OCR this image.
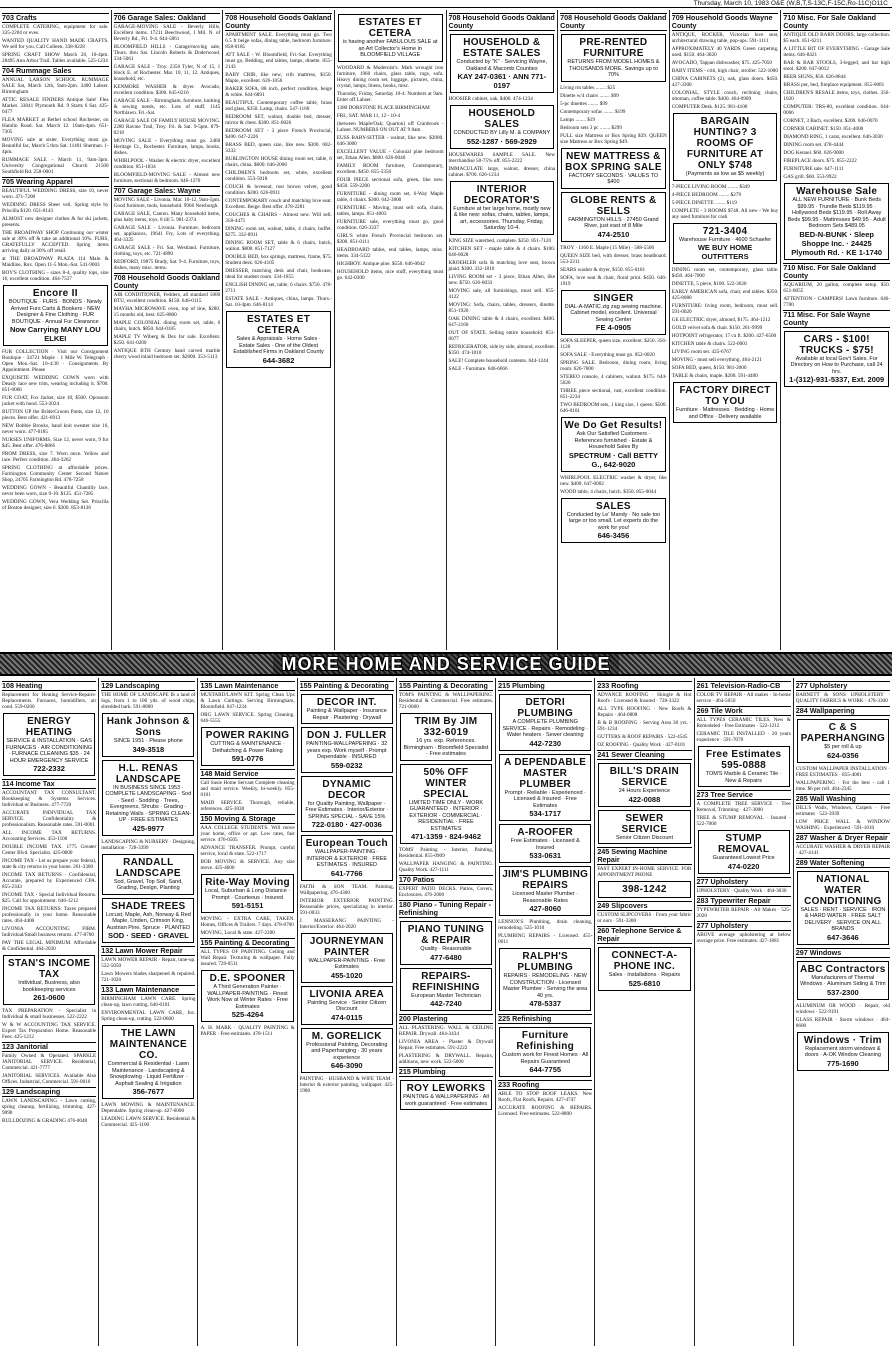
Thursday, March 10, 1983 O&E (W,B,T,S-13C,F-15C,Ro-11C)O11C
703 Crafts
COMPLETE CATERING, equipment for sale. 335-2204 or eves.
WANTED QUALITY HAND MADE CRAFTS. We sell for you. Call Colleen. 338-8228
SPRING CRAFT SHOW March 26, 10-4pm. 28495 Ann Arbor Trail. Tables available. 525-1234
704 Rummage Sales
ANNUAL LARSON SCHOOL RUMMAGE SALE Sat, March 12th, 9am-2pm. 3400 Lahser. Birmingham
ATTIC RESALE FINDERS Antique Sale! Flea Market. 33841 Plymouth Rd. 9 Starts 6 Sat. 425-0477
FLEA MARKET at Bethel school Rochester, on Hamlin Road. Sat. March 12. 10am-4pm. 651-7305
MOVING sale at sister. Everything must go. Beautiful fac, March 5 thru Sat. 11401 Sherman. 1-4pm.
RUMMAGE SALE - March 11, 9am-3pm. University Congregational Church 21500 Southfield Rd. 258-0001
705 Wearing Apparel
BEAUTIFUL WEDDING DRESS, size 10, never worn. 471-7208
WEDDING DRESS Sheer veil. Spring style by Priscilla $120. 651-0143
ALMOST new designer clothes & fur ski jackets, presents.
THE BROADWAY SHOP Continuing our winter sale at 30% off & take an additional 10%. FURS, GRATEFULLY ACCEPTED. Spring items arriving daily at 30% off retail.
at THE BROADWAY PLAZA 114 Main & Maidline, Rox. Open 11-5 Mon.-Sat. 541-9003
BOY'S CLOTHING - sizes 8-4, quality tops, size 16, excellent condition. 464-7537
Encore II
BOUTIQUE · FURS · BONDS · Newly Arrived Furs Carts & Bookers · NEW Designer & Fine Clothing · FUR BOUTIQUE · Annual Fur Clearance
Now Carrying MANY LOU ELKEI
FUR COLLECTION · Visit our Consignment Boutique · 34721 Maple · 1 Mile W. Telegraph · Open Mon.-Sat. 10-4:30 · Consignments By Appointment. Please
EXQUISITE WEDDING GOWN worn with Deasly lace new trim, wearing including it. $700. 851-0066
FUR COAT, Fox Jacket, size 10, $500. Opossum jacket with hood. 553-2024
BUTTON UP the Bride/Groom Pants, size 12, 10 pieces. Best offer. 421-6913
NEW Bobbie Brooks, hand knit sweater size 16, never worn. 477-0185
NURSES UNIFORMS, Size 12, never worn, 9 for $45. Best offer. 476-8866
PROM DRESS, size 7. Worn once. Yellow and lace. Perfect condition. 464-3262
SPRING CLOTHING at affordable prices. Farmington Community Center Second Nature Shop, 24705 Farmington Rd. 478-7258
WEDDING GOWN - Beautiful Chantilly lace, never been worn, size 9-10. $125. 451-7285
WEDDING GOWN, Vera Wedding Set. Priscilla of Boston designer, size 6. $300. 853-8136
706 Garage Sales: Oakland
GARAGE-MOVING SALE - Beverly Hills, Excellent items. 17211 Beechwood, 1 Mil. N. of Beverly Rd., Fri. 9-4. 644-5861
BLOOMFIELD HILLS - Garage/moving sale, Thurs. thru Sat. Lincoln Roberts & Doderwood. 334-5061
GARAGE SALE - Troy. 2356 Tyler, N of 15, 1 block E. of Rochester. Mar. 10, 11, 12. Antiques, household, etc.
KENMORE WASHER & dryer. Avocado, excellent condition. $300. 645-0216
GARAGE SALE - Birmingham, furniture, knitting & sewing needs, etc. Lots of stuff. 1145 Northlawn. Fri.-Sat.
GARAGE SALE OF FAMILY HOUSE MOVING. 2280 Ravine Trail, Troy. Fri. & Sat. 9-5pm. 879-0218
MOVING SALE - Everything must go. 2460 Heritage Ct., Rochester. Furniture, lamps, books, dishes.
WHIRLPOOL - Washer & electric dryer, excellent condition. 851-1834
BLOOMFIELD-MOVING SALE - Almost new furniture, sectional & bedroom. 646-1270
707 Garage Sales: Wayne
MOVING SALE - Livonia. Mar. 10-12, 9am-5pm. Good furniture, tools, household. 9966 Newburgh.
GARAGE SALE, Canton. Many household items, plus baby items, toys. 8 till 5. 981-2374
GARAGE SALE - Livonia. Furniture, bedroom set, appliances, 19641 Fry, Lots of everything. 464-3325
GARAGE SALE - Fri. Sat. Westland. Furniture, clothing, toys, etc. 721-4890
REDFORD, 19875 Brady, Sat. 9-4. Furniture, toys, dishes, many misc. items.
708 Household Goods Oakland County
AIR CONDITIONER, Fedders, all standard 5000 BTU, excellent condition. $150. 646-0115
MAYHA MICROWAVE oven, top of line, $280. 15 months old, best. 625-8800
MAPLE COLONIAL dining room set, table, 6 chairs, hutch. $850. 644-0185
MAPLE TV Wiberg & Dex for sale. Excellent. $250. 641-0200
ANTIQUE BTH Century hand carved marble cherry wood inlaid bedroom set. $2800. 353-5113
708 Household Goods Oakland County
APARTMENT SALE. Everything must go. Two 6.5 ft beige sofas, dining table, bedroom furniture. 858-0185
ATT SALE - W. Bloomfield, Fri.-Sat. Everything must go, Bedding, end tables, lamps, dinette. 855-2143
BABY CRIB, like new, crib mattress, $150. Maple, excellent. 626-1050
BAKER SOFA, 88 inch, perfect condition, beige & white. 644-6891
BEAUTIFUL Contemporary coffee table, brass and glass, $350. Lamp, chairs. 547-1160
BEDROOM SET, walnut, double bed, dresser, mirror & chest. $300. 851-0026
BEDROOM SET - 3 piece French Provincial, $400. 647-2226
BRASS BED, queen size, like new. $300. 682-3333
BURLINGTON HOUSE dining room set, table, 6 chairs, china. $600. 646-2006
CHILDREN'S bedroom set, white, excellent condition. 553-5018
COUCH & loveseat, rust brown velvet, good condition. $200. 626-0911
CONTEMPORARY couch and matching love seat. Excellent. Beige. Best offer. 478-2281
COUCHES & CHAIRS - Almost new. Will sell. 358-4475
DINING room set, walnut, table, 4 chairs, buffet. $275. 332-8911
DINING ROOM SET, table & 6 chairs, hutch, walnut. $800. 851-7127
DOUBLE BED, box springs, mattress, frame, $75. Student desk. 626-4105
DRESSER, matching desk and chair, bookcase, ideal for student room. 334-1855
ENGLISH DINING set, table, 6 chairs. $750. 478-2711
ESTATE SALE - Antiques, china, lamps. Thurs.-Sat. 10-4pm. 646-8114
ESTATES ET CETERA
Sales & Appraisals · Home Sales · Estate Sales · One of the Oldest Established Firms in Oakland County
644-3682
ESTATES ET CETERA
is having another FABULOUS SALE at an Art Collector's Home in BLOOMFIELD VILLAGE
WOODARD & Modernist's. Mark wrought iron furniture, 1960 chairs, glass table, rugs, sofa. Heavy dining room set, luggage, pictures, china, crystal, lamps, linens, books, misc.
Thursday, Friday, Saturday 10-4. Numbers at 9am. Enter off Lahser.
1380 DORSTONE PLACE BIRMINGHAM
FRI., SAT. MAR 11, 12 - 10-4
(between Maple/Oak; Quarton) off Cranbrook - Lahser. NUMBERS ON OUT AT 9 8am
EUSS BABY-SITTER - walnut, like new. $2000. 646-3000
EXCELLENT VALUE - Colonial pine bedroom set, Ethan Allen. $800. 626-0040
FAMILY ROOM furniture, Contemporary, excellent. $450. 855-3356
FOUR PIECE sectional sofa, green, like new. $450. 559-2200
FURNITURE - dining room set, 6-Way Maple table, 4 chairs. $300. 642-3800
FURNITURE - Moving, must sell: sofa, chairs, tables, lamps. 851-4003
FURNITURE sale, everything must go, good condition. 626-3337
GIRL'S white French Provincial bedroom set. $300. 851-0111
HEADBOARD tables, end tables, lamps, misc. items. 334-5122
HIGHBOY. Antique pine. $550. 646-0042
HOUSEHOLD items, nice stuff, everything must go. 642-0300
708 Household Goods Oakland County
HOUSEHOLD & ESTATE SALES
Conducted by "K" · Servicing Wayne, Oakland & Macomb Counties
KAY 247-0361 · ANN 771-0197
HOOSIER cabinet, oak, $400. 474-1234
HOUSEHOLD SALES
CONDUCTED BY Lilly M. & COMPANY
552-1287 · 569-2929
HOUSEWARES SAMPLE SALE. New merchandise 50-75% off. 855-2222
IMMACULATE large, walnut, dresser, china cabinet. $700. 626-1234
INTERIOR DECORATOR'S
Furniture at her large home, mostly new & like new: sofas, chairs, tables, lamps, art, accessories. Thursday, Friday, Saturday 10-4.
KING SIZE waterbed, complete. $250. 851-7120
KITCHEN SET - maple table & 4 chairs. $100. 646-0028
KROEHLER sofa & matching love seat, brown plaid. $300. 332-1810
LIVING ROOM set - 3 piece, Ethan Allen, like new. $750. 626-0033
MOVING sale, all furnishings, must sell. 855-4122
MOVING: Sofa, chairs, tables, dressers, dinette. 851-1920
OAK DINING table & 4 chairs, excellent. $400. 647-2160
OUT OF STATE. Selling entire household. 851-0077
REFRIGERATOR, side by side, almond, excellent. $350. 474-1010
SALE! Complete household contents. 644-1244
SALE - Furniture. 646-6666
708 Household Goods Oakland County
PRE-RENTED FURNITURE
RETURNS FROM MODEL HOMES & THOUSANDS MORE. Savings up to 70%
Living rm tables ........ $25
Dinette w/4 chairs ........ $99
5-pc dinettes ........ $99
Contemporary sofas ........ $199
Lamps ........ $19
Bedroom sets 3 pc ........ $299
FULL size Mattress or Box Spring $39. QUEEN size Mattress or Box Spring $49.
NEW MATTRESS & BOX SPRING SALE
FACTORY SECONDS · VALUES TO $400
GLOBE RENTS & SELLS
FARMINGTON HILLS · 27450 Grand River, just east of 8 Mile
474-2510
TROY · 1160 E. Maple (15 Mile) · 588-5500
QUEEN SIZE bed, with dresser, brass headboard. 553-2211
SEARS washer & dryer, $150. 855-0101
SOFA, love seat & chair, floral print. $450. 646-1919
SINGER
DIAL-A-MATIC zig zag sewing machine. Cabinet model, excellent. Universal Sewing Center
FE 4-0905
SOFA SLEEPER, queen size, excellent. $250. 356-1120
SOFA SALE - Everything must go. 852-0020
SPRING SALE. Bedroom, dining room, living room. 626-7000
STEREO console, 4 cabinets, walnut. $175. 644-5020
THREE piece sectional, rust, excellent condition. 851-2234
TWO BEDROOM sets, 1 king size, 1 queen. $500. 646-0101
We Do Get Results!
Ask Our Satisfied Customers · References furnished · Estate & Household Sales By
SPECTRUM · Call BETTY G., 642-9020
WHIRLPOOL ELECTRIC washer & dryer, like new. $400. 647-0002
WOOD table, 4 chairs, hutch. $350. 855-0044
SALES
Conducted by Le' Mandy · No sale too large or too small. Let experts do the work for you!
646-3456
709 Household Goods Wayne County
ANTIQUE, ROCKER, Victorian love seat, architectural drawing table, pop-ups. 591-1111
APPROXIMATELY 40 YARDS Green carpeting, used. $150. 464-3020
AVOCADO, Tappan dishwasher, $75. 425-7050
BABY ITEMS - crib, high chair, stroller. 522-1000
CHINA CABINETS (2), oak, glass doors. $450. 427-3300
COLONIAL, STYLE couch, reclining chairs, ottoman, coffee table. $400. 464-0909
COMPUTER Desk. $125. 981-4100
BARGAIN HUNTING? 3 ROOMS OF FURNITURE AT ONLY $748
(Payments as low as $5 weekly)
7-PIECE LIVING ROOM ........ $349
4-PIECE BEDROOM ........ $279
5-PIECE DINETTE ........ $119
COMPLETE - 3 ROOMS $748. All new - We buy any used furniture for cash
721-3404
Warehouse Furniture · 4600 Schaefer
WE BUY HOME OUTFITTERS
DINING room set, contemporary, glass table. $450. 464-7000
DINETTE, 5 piece, $100. 522-3020
EARLY AMERICAN sofa, chair, end tables. $350. 425-8080
FURNITURE: living room, bedroom, must sell. 591-0020
GE ELECTRIC dryer, almond, $175. 464-1212
GOLD velvet sofa & chair. $150. 261-9999
HOTPOINT refrigerator, 17 cu ft. $200. 427-6500
KITCHEN table & chairs. 522-0001
LIVING room set. 425-6767
MOVING - must sell everything. 464-2121
SOFA BED, queen, $150. 981-2000
TABLE & chairs, maple. $200. 591-4400
FACTORY DIRECT TO YOU
Furniture · Mattresses · Bedding · Home and Office · Delivery available
710 Misc. For Sale Oakland County
ANTIQUE OLD BARN DOORS, large collection. $5 each. 851-6211
A LITTLE BIT OF EVERYTHING - Garage Sale items. 646-8421
BAR & BAR STOOLS, 3-legged, and bar high stool. $200. 647-0012
BEER SIGNS, $50. 626-8844
BRASS pot, bed, fireplace equipment. 855-0001
CHILDREN'S RESALE items, toys, clothes. 356-1020
COMPUTER: TRS-80, excellent condition. 644-0066
CORNET, 3 Bach, excellent. $200. 646-0070
CORNER CABINET. $150. 851-4000
DIAMOND RING, 1 carat, excellent. 646-3030
DINING room set. 478-4444
DOG Kennel. $60. 626-9000
FIREPLACE doors. $75. 855-2222
FURNITURE sale. 647-1111
GAS grill. $60. 553-9922
Warehouse Sale
ALL NEW FURNITURE · Bunk Beds $99.95 · Trundle Beds $119.95 · Hollywood Beds $119.95 · Roll Away Beds $99.95 · Mattresses $49.95 · Adult Bedroom Sets $489.95
BED-N-BUNK · Sleep Shoppe Inc. · 24425 Plymouth Rd. · KE 1-1740
710 Misc. For Sale Oakland County
AQUARIUM, 20 gallon, complete setup. $50. 651-0055
ATTENTION - CAMPERS! Lawn furniture. 646-7700
711 Misc. For Sale Wayne County
CARS - $100! TRUCKS - $75!
Available at local Gov't Sales. For Directory on How to Purchase, call 24 hrs.
1-(312)-931-5337, Ext. 2009
MORE HOME AND SERVICE GUIDE
108 Heating
Replacement for Heating Service-Repairs-Replacements. Furnaces, humidifiers, air cond. 559-0200
ENERGY HEATING
SERVICE & INSTALLATION · GAS FURNACES · AIR CONDITIONING · FURNACE CLEANING $35 · 24 HOUR EMERGENCY SERVICE
722-2332
114 Income Tax
ACCOUNTANT TAX CONSULTANT. Bookkeeping & Systems Services. Individual or Business. 477-7720
ACCURATE INDIVIDUAL TAX SERVICE. Confidentiality & professionalism. Reasonable rates. 591-0001
ALL INCOME TAX RETURNS. Accounting Services. 453-1100
DOUBLE INCOME TAX. 1775 Greater Center Blvd. Specialist. 425-0000
INCOME TAX - Let us prepare your federal, state & city returns in your home. 261-3300
INCOME TAX RETURNS · Confidential, Accurate, prepared by Experienced CPA. 855-2343
INCOME TAX · Special Individual Returns. $25. Call for appointment. 646-1212
INCOME TAX RETURNS. Taxes prepared professionally in your home. Reasonable rates. 464-4400
LIVONIA ACCOUNTING FIRM. Individual/Small business returns. 477-8700
PAY THE LEGAL MINIMUM. Affordable & Confidential. 464-2030
STAN'S INCOME TAX
Individual, Business, also bookkeeping services
261-0600
TAX PREPARATION - Specialist in Individual & small businesses. 522-2222
W & W ACCOUNTING TAX SERVICE. Expert Tax Preparation Home. Reasonable Fees. 425-1212
123 Janitorial
Family Owned & Operated. SPARKLE JANITORIAL SERVICE. Residential, Commercial. 421-7777
JANITORIAL SERVICES. Available Also Offices. Industrial, Commercial. 591-0010
129 Landscaping
LAWN LANDSCAPING - Lawn cutting, spring cleanup, fertilizing, trimming. 427-9090
BULLDOZING & GRADING 476-0048
129 Landscaping
THE HOME OF LANDSCAPE IS a land of logs, from 1 to 100 yds. of wood chips, shredded bark. 591-8800
Hank Johnson & Sons
SINCE 1951 · Please phone
349-3518
H.L. RENAS LANDSCAPE
IN BUSINESS SINCE 1953 · COMPLETE LANDSCAPING · Sod · Seed · Sodding · Trees, Evergreens, Shrubs · Grading · Retaining Walls · SPRING CLEAN-UP · FREE ESTIMATES
425-9977
LANDSCAPING & NURSERY · Designing, installation · 728-3399
RANDALL LANDSCAPE
Sod, Gravel, Top Soil, Sand, Grading, Design, Planting
SHADE TREES
Locust, Maple, Ash, Norway & Red Maple, Linden, Crimson King, Austrian Pine, Spruce · PLANTED
SOD · SEED · GRAVEL
132 Lawn Mower Repair
LAWN MOWER REPAIR · Repair, tune-up. 522-5050
Lawn Mowers blades sharpened & repaired. 721-1020
133 Lawn Maintenance
BIRMINGHAM LAWN CARE. Spring clean-up, lawn cutting. 646-0101
ENVIRONMENTAL LAWN CARE, Inc. Spring clean-up, cutting. 522-0600
THE LAWN MAINTENANCE CO.
Commercial & Residential · Lawn Maintenance · Landscaping & Snowplowing · Liquid Fertilizer · Asphalt Sealing & Irrigation
356-7677
LAWN MOWING & MAINTENANCE. Dependable. Spring clean-up. 427-6000
LEADING LAWN SERVICE. Residential & Commercial. 425-1100
135 Lawn Maintenance
MUSTARD/LAWN KIT. Spring Clean Ups & Lawn Cuttings. Serving Birmingham, Bloomfield. 647-1234
ORG LAWN SERVICE. Spring Cleaning. 646-5555
POWER RAKING
CUTTING & MAINTENANCE · Dethatching & Power Raking
591-0776
148 Maid Service
Call Susie Home Servant Complete cleaning and maid service. Weekly, bi-weekly. 855-0101
MAID SERVICE. Thorough, reliable, references. 425-3030
150 Moving & Storage
AAA COLLEGE STUDENTS. Will move your home, office or apt. Low rates, fast service. 476-0505
ADVANCE TRANSFER. Prompt, careful service, local & state. 522-1717
BOB MOVING & SERVICE. Any size move. 425-4600
Rite-Way Moving
Local, Suburban & Long Distance · Prompt · Courteous · Insured
591-5151
MOVING - EXTRA CARE, TAKEN. Homes, Offices & Trailers. 7 days. 478-0700
MOVING, Local & state. 427-2200
155 Painting & Decorating
ALL TYPES OF PAINTING. Ceiling and Wall Repair. Texturing & wallpaper. Fully insured. 729-0511
D.E. SPOONER
A Third Generation Painter · WALLPAPER-PAINTING · Finest Work Now at Winter Rates · Free Estimates
525-4264
A. H. MARK · QUALITY PAINTING & PAPER · Free estimates. 478-1511
155 Painting & Decorating
DECOR INT.
Painting & Wallpaper · Insurance Repair · Plastering · Drywall
DON J. FULLER
PAINTING-WALLPAPERING · 32 years exp. Work myself · Prompt Dependable · INSURED
559-0232
DYNAMIC DECOR
for Quality Painting, Wallpaper · Free Estimates · Interior/Exterior · SPRING SPECIAL - SAVE 15%
722-0180 · 427-0036
European Touch
WALLPAPER-PAINTING · INTERIOR & EXTERIOR · FREE ESTIMATES · INSURED
641-7766
FAITH & SON TEAM. Painting, Wallpapering. 476-4300
INTERIOR EXTERIOR PAINTING. Reasonable prices, specializing in interior. 591-0033
J. MASSERANG PAINTING - Interior/Exterior. 464-2020
JOURNEYMAN PAINTER
WALLPAPER-PAINTING · Free Estimates
455-1020
LIVONIA AREA
Painting Service · Senior Citizen Discount
474-0115
M. GORELICK
Professional Painting, Decorating and Paperhanging · 30 years experience
646-3090
PAINTING · HUSBAND & WIFE TEAM · Interior & exterior painting, wallpaper. 425-1980
155 Painting & Decorating
TOM'S PAINTING & WALLPAPERING. Residential & Commercial. Free estimates. 721-0000
TRIM By JIM 332-6019
16 yrs. exp. References. Birmingham · Bloomfield Specialist · Free estimates
50% OFF WINTER SPECIAL
LIMITED TIME ONLY · WORK GUARANTEED · INTERIOR · EXTERIOR · COMMERCIAL · RESIDENTIAL · FREE ESTIMATES
471-1359 · 824-9462
TOMS' Painting - Interior, Painting, Residential. 855-0909
WALLPAPER HANGING & PAINTING. Quality Work. 427-1111
170 Patios
EXPERT PATIO DECKS. Patios, Covers, Enclosures. 476-2000
180 Piano - Tuning Repair - Refinishing
PIANO TUNING & REPAIR
Quality · Reasonable
477-6480
REPAIRS-REFINISHING
European Master Technician
442-7240
200 Plastering
ALL PLASTERING. WALL & CEILING REPAIR. Drywall. 464-3434
LIVONIA AREA - Plaster & Drywall Repair. Free estimates. 591-2222
PLASTERING & DRYWALL. Repairs, additions, new work. 522-5000
215 Plumbing
ROY LEWORKS
PAINTING & WALLPAPERING · All work guaranteed · Free estimates
215 Plumbing
DETORI PLUMBING
A COMPLETE PLUMBING SERVICE · Repairs · Remodeling · Water heaters · Sewer cleaning
442-7230
A DEPENDABLE MASTER PLUMBER
Prompt · Reliable · Experienced · Licensed & Insured · Free Estimates
534-1717
A-ROOFER
Free Estimates · Licensed & Insured
533-0631
JIM'S PLUMBING REPAIRS
Licensed Master Plumber · Reasonable Rates
427-8060
LENNOX'S Plumbing, drain cleaning, remodeling. 525-1010
PLUMBING REPAIRS - Licensed. 455-0011
RALPH'S PLUMBING
REPAIRS · REMODELING · NEW CONSTRUCTION · Licensed Master Plumber · Serving the area 40 yrs.
478-5337
225 Refinishing
Furniture Refinishing
Custom work for Finest Homes · All Repairs Guaranteed
644-7755
233 Roofing
ABLE TO STOP ROOF LEAKS. New Roofs, Flat Roofs, Repairs. 427-4747
ACCURATE ROOFING & REPAIRS. Licensed. Free estimates. 522-8800
233 Roofing
ADVANCE ROOFING · Shingle & Hot Roofs · Licensed & Insured · 728-3322
ALL TYPE ROOFING · New Roofs & Repairs · 464-0808
B & B ROOFING · Serving Area 30 yrs. · 591-1234
GUTTERS & ROOF REPAIRS · 522-4545
OZ ROOFING · Quality Work · 427-0101
241 Sewer Cleaning
BILL'S DRAIN SERVICE
24 Hours Experience
422-0088
SEWER SERVICE
Senior Citizen Discount
245 Sewing Machine Repair
FAST EXPERT IN-HOME SERVICE. FOR APPOINTMENT PHONE
398-1242
249 Slipcovers
CUSTOM SLIPCOVERS · From your fabric or ours · 591-3300
260 Telephone Service & Repair
CONNECT-A-PHONE INC.
Sales · Installations · Repairs
525-6810
261 Television-Radio-CB
COLOR TV REPAIR - All makes · In-home service · 464-5050
269 Tile Work
ALL TYPES CERAMIC TILES. New & Remodeled · Free Estimates · 522-1212
CERAMIC TILE INSTALLED · 20 years experience · 591-7070
Free Estimates 595-0888
TOM'S Marble & Ceramic Tile · New & Repairs
273 Tree Service
A COMPLETE TREE SERVICE · Tree Removal, Trimming · 427-3000
TREE & STUMP REMOVAL · Insured · 522-7000
STUMP REMOVAL
Guaranteed Lowest Price
474-0220
277 Upholstery
UPHOLSTERY · Quality Work · 464-3030
283 Typewriter Repair
TYPEWRITER REPAIR · All Makes · 525-2020
277 Upholstery
ABOVE average upholstering at below average price. Free estimates. 427-1881
277 Upholstery
BARNETT & SONS UPHOLSTERY · QUALITY FABRICS & WORK · 478-3300
284 Wallpapering
C & S PAPERHANGING
$5 per roll & up
624-0356
CUSTOM WALLPAPER INSTALLATION · FREE ESTIMATES · 855-4001
WALLPAPERING · For the best - call 1 time. $6 per roll. 464-2345
285 Wall Washing
DILL'S Walls, Windows, Carpets · Free estimates · 522-3939
LOW PRICE WALL & WINDOW WASHING · Experienced · 591-1010
287 Washer & Dryer Repair
ACCURATE WASHER & DRYER REPAIR · 427-4141
289 Water Softening
NATIONAL WATER CONDITIONING
SALES · RENT · SERVICE · IRON & HARD WATER · FREE SALT DELIVERY · SERVICE ON ALL BRANDS
647-3646
297 Windows
ABC Contractors
Manufacturers of Thermal Windows · Aluminum Siding & Trim
537-2300
ALUMINUM OR WOOD · Repair, old windows · 522-9191
GLASS REPAIR · Storm windows · 464-0600
Windows · Trim
Replacement storm windows & doors · A-OK Window Cleaning
775-1690
